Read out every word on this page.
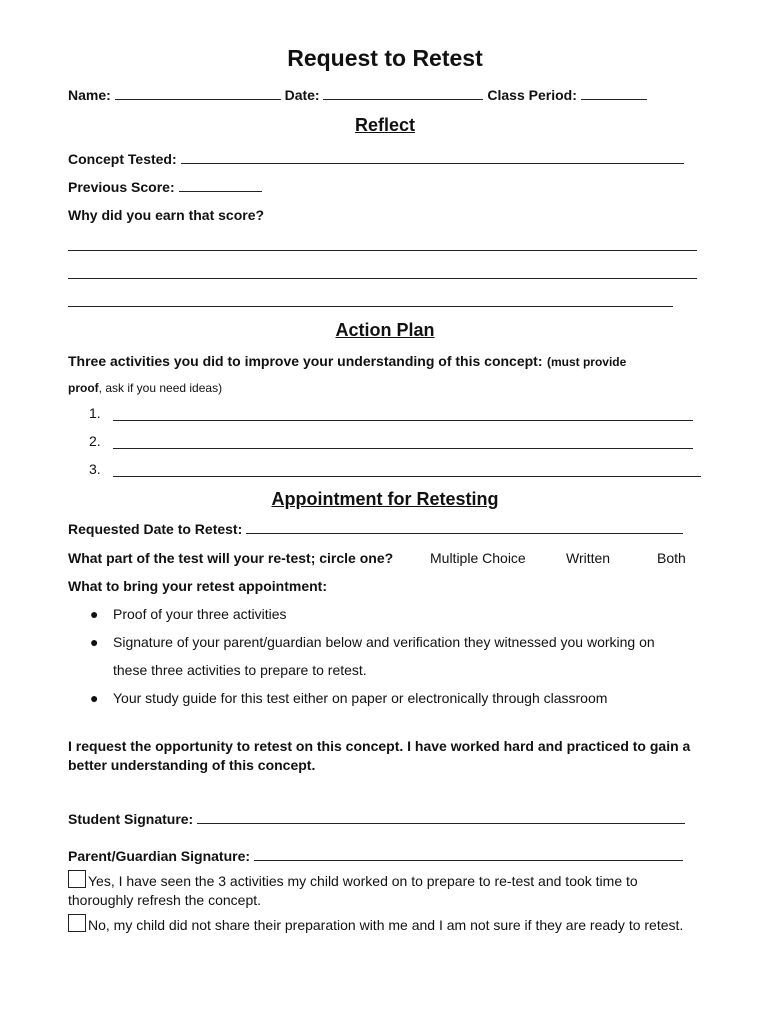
Request to Retest
Name:	Date:	Class Period:
Reflect
Concept Tested:
Previous Score:
Why did you earn that score?
Action Plan
Three activities you did to improve your understanding of this concept: (must provide
proof, ask if you need ideas)
1.
2.
3.
Appointment for Retesting
Requested Date to Retest:
What part of the test will your re-test; circle one?	Multiple Choice	Written	Both
What to bring your retest appointment:
● Proof of your three activities
● Signature of your parent/guardian below and verification they witnessed you working on
these three activities to prepare to retest.
● Your study guide for this test either on paper or electronically through classroom
I request the opportunity to retest on this concept. I have worked hard and practiced to gain a better understanding of this concept.
Student Signature:
Parent/Guardian Signature:
Yes, I have seen the 3 activities my child worked on to prepare to re-test and took time to thoroughly refresh the concept.
No, my child did not share their preparation with me and I am not sure if they are ready to retest.
